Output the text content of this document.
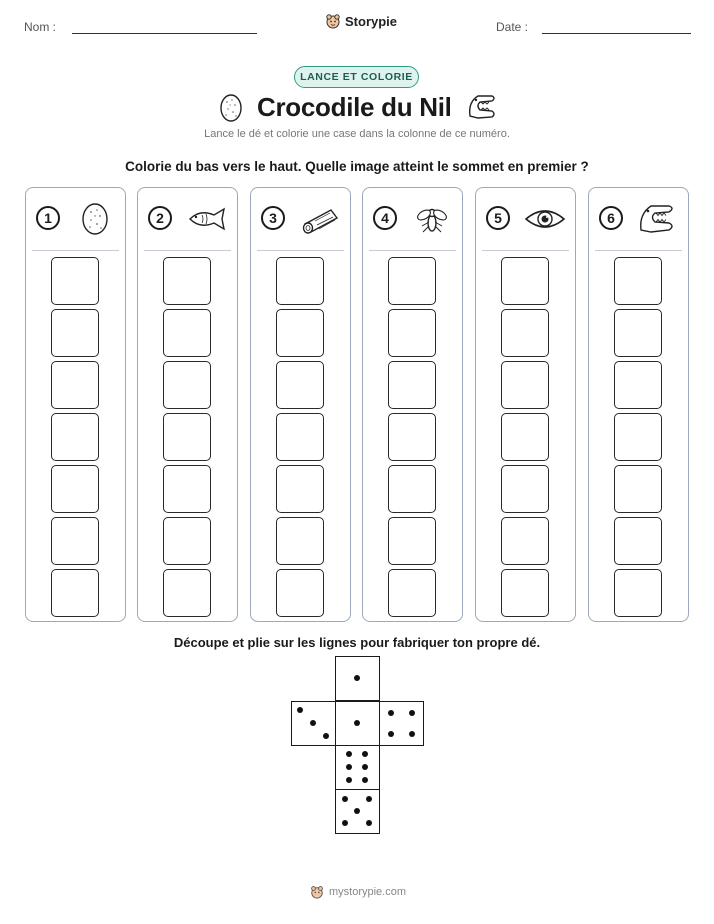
Nom :	Storypie	Date :
LANCE ET COLORIE
Crocodile du Nil
Lance le dé et colorie une case dans la colonne de ce numéro.
Colorie du bas vers le haut. Quelle image atteint le sommet en premier ?
1	2	3	4	5	6
Découpe et plie sur les lignes pour fabriquer ton propre dé.
mystorypie.com
